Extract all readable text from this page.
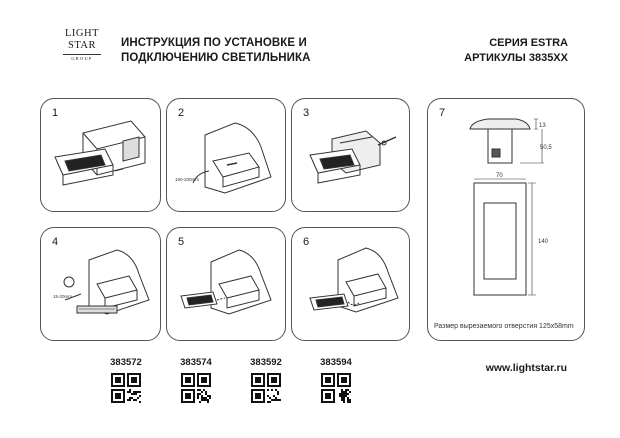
LIGHT
STAR
GROUP
ИНСТРУКЦИЯ ПО УСТАНОВКЕ И
ПОДКЛЮЧЕНИЮ СВЕТИЛЬНИКА
СЕРИЯ ESTRA
АРТИКУЛЫ 3835XX
1	2
150-200mm
3
4
15-20mm
5	6
7
13
50,5
70
140
Размер вырезаемого отверстия 125x58mm
383572	383574	383592	383594	www.lightstar.ru
